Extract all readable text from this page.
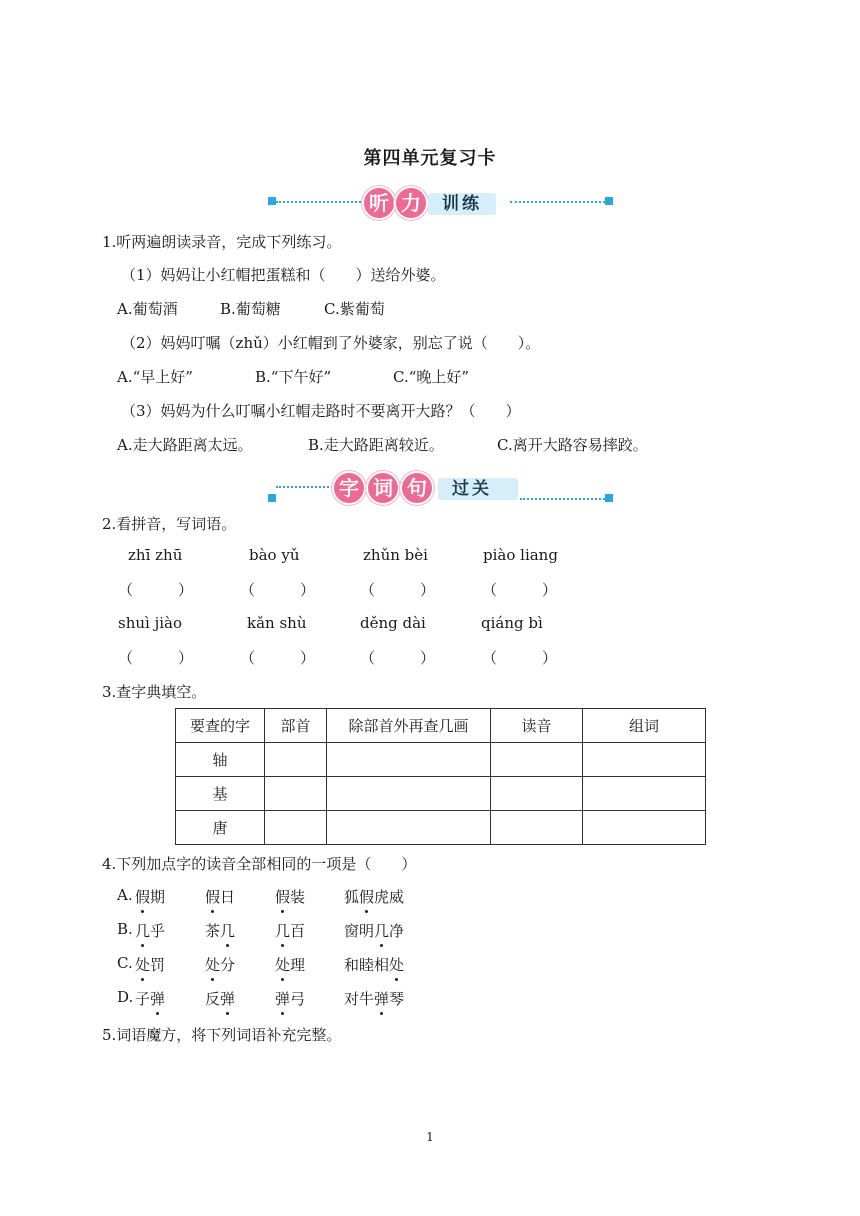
第四单元复习卡
听 力	训练
1.听两遍朗读录音，完成下列练习。
（1）妈妈让小红帽把蛋糕和（　　）送给外婆。
A.葡萄酒	B.葡萄糖	C.紫葡萄
（2）妈妈叮嘱（zhǔ）小红帽到了外婆家，别忘了说（　　）。
A.“早上好”	B.“下午好”	C.“晚上好”
（3）妈妈为什么叮嘱小红帽走路时不要离开大路？（　　）
A.走大路距离太远。	B.走大路距离较近。	C.离开大路容易摔跤。
字 词 句	过关
2.看拼音，写词语。
zhī zhū	bào yǔ	zhǔn bèi	piào liang
（　　　）	（　　　）	（　　　）	（　　　）
shuì jiào	kǎn shù	děng dài	qiáng bì
（　　　）	（　　　）	（　　　）	（　　　）
3.查字典填空。
要查的字	部首	除部首外再查几画	读音	组词
轴				
基				
唐				
4.下列加点字的读音全部相同的一项是（　　）
A. 假期	假日	假装	狐假虎威
B. 几乎	茶几	几百	窗明几净
C. 处罚	处分	处理	和睦相处
D. 子弹	反弹	弹弓	对牛弹琴
5.词语魔方，将下列词语补充完整。
1
